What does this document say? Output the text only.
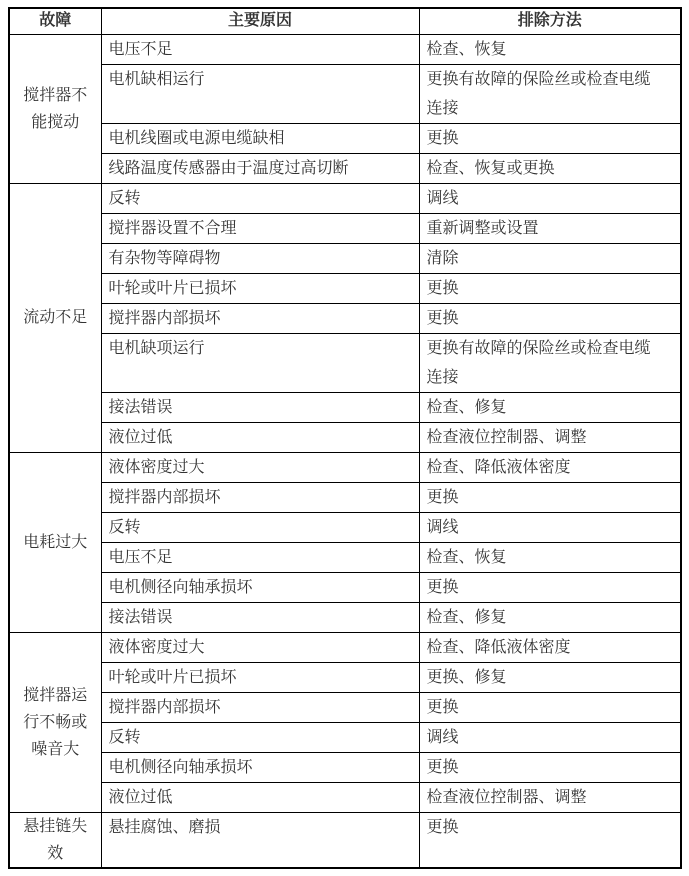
故障	主要原因	排除方法
搅拌器不能搅动	电压不足	检查、恢复
	电机缺相运行	更换有故障的保险丝或检查电缆连接
	电机线圈或电源电缆缺相	更换
	线路温度传感器由于温度过高切断	检查、恢复或更换
流动不足	反转	调线
	搅拌器设置不合理	重新调整或设置
	有杂物等障碍物	清除
	叶轮或叶片已损坏	更换
	搅拌器内部损坏	更换
	电机缺项运行	更换有故障的保险丝或检查电缆连接
	接法错误	检查、修复
	液位过低	检查液位控制器、调整
电耗过大	液体密度过大	检查、降低液体密度
	搅拌器内部损坏	更换
	反转	调线
	电压不足	检查、恢复
	电机侧径向轴承损坏	更换
	接法错误	检查、修复
搅拌器运行不畅或噪音大	液体密度过大	检查、降低液体密度
	叶轮或叶片已损坏	更换、修复
	搅拌器内部损坏	更换
	反转	调线
	电机侧径向轴承损坏	更换
	液位过低	检查液位控制器、调整
悬挂链失效	悬挂腐蚀、磨损	更换
